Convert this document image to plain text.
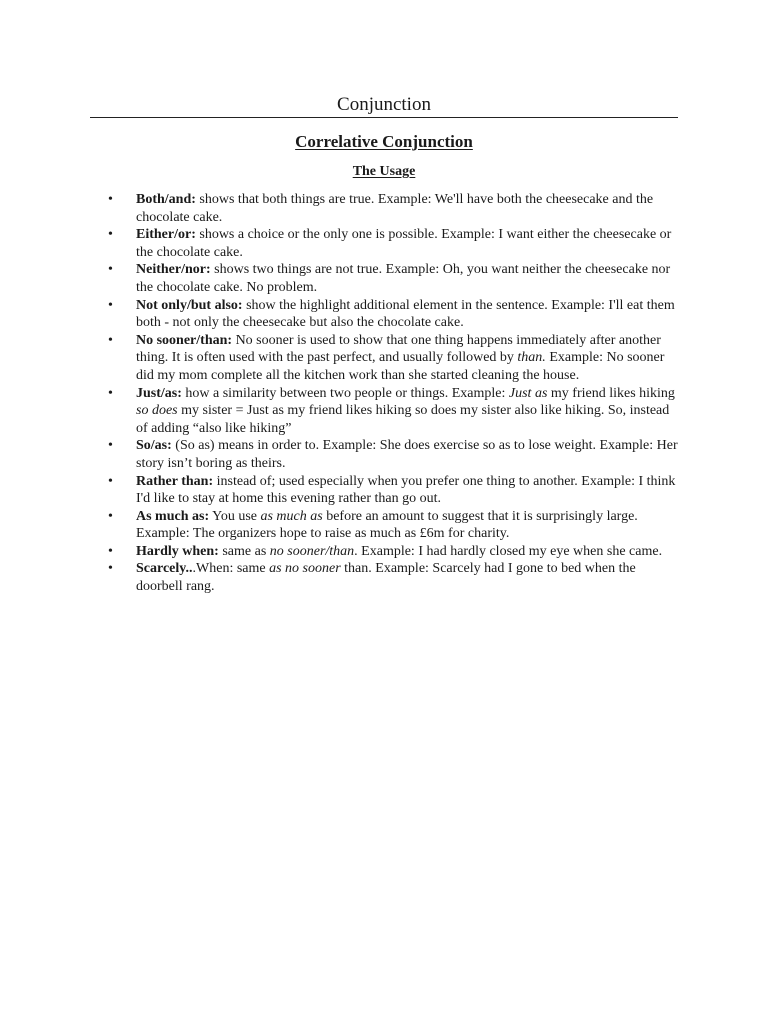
Conjunction
Correlative Conjunction
The Usage
• Both/and: shows that both things are true. Example: We'll have both the cheesecake and the chocolate cake.
• Either/or: shows a choice or the only one is possible. Example: I want either the cheesecake or the chocolate cake.
• Neither/nor: shows two things are not true. Example: Oh, you want neither the cheesecake nor the chocolate cake. No problem.
• Not only/but also: show the highlight additional element in the sentence. Example: I'll eat them both - not only the cheesecake but also the chocolate cake.
• No sooner/than: No sooner is used to show that one thing happens immediately after another thing. It is often used with the past perfect, and usually followed by than. Example: No sooner did my mom complete all the kitchen work than she started cleaning the house.
• Just/as: how a similarity between two people or things. Example: Just as my friend likes hiking so does my sister = Just as my friend likes hiking so does my sister also like hiking. So, instead of adding “also like hiking”
• So/as: (So as) means in order to. Example: She does exercise so as to lose weight. Example: Her story isn’t boring as theirs.
• Rather than: instead of; used especially when you prefer one thing to another. Example: I think I'd like to stay at home this evening rather than go out.
• As much as: You use as much as before an amount to suggest that it is surprisingly large. Example: The organizers hope to raise as much as £6m for charity.
• Hardly when: same as no sooner/than. Example: I had hardly closed my eye when she came.
• Scarcely...When: same as no sooner than. Example: Scarcely had I gone to bed when the doorbell rang.
